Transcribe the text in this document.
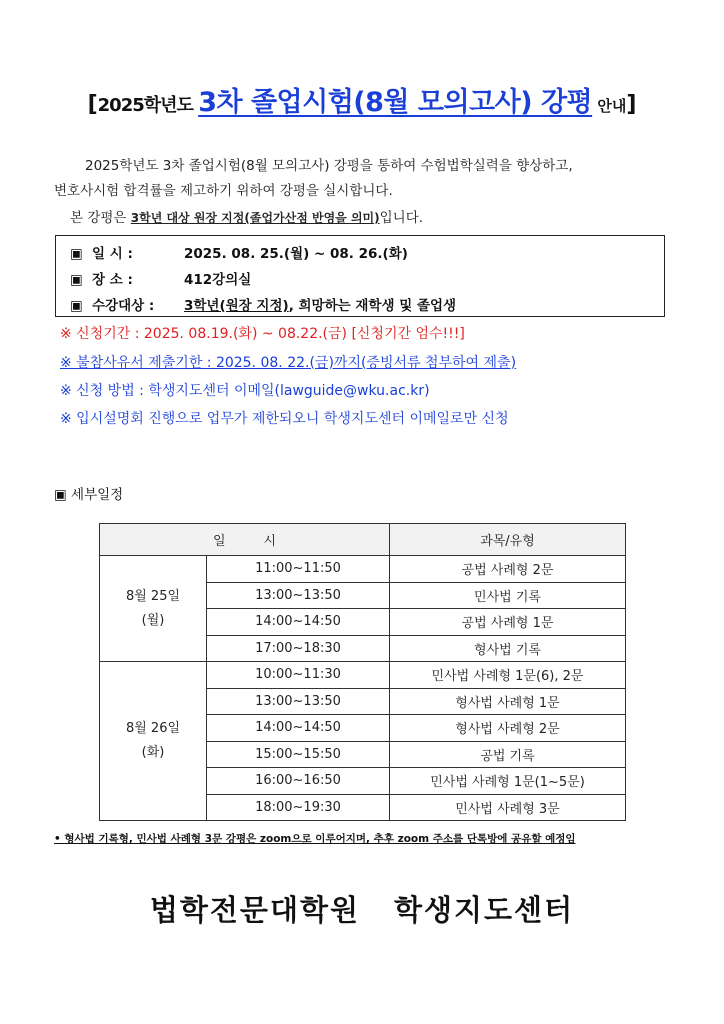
[2025학년도 3차 졸업시험(8월 모의고사) 강평 안내]
2025학년도 3차 졸업시험(8월 모의고사) 강평을 통하여 수험법학실력을 향상하고,
변호사시험 합격률을 제고하기 위하여 강평을 실시합니다.
본 강평은 3학년 대상 원장 지정(졸업가산점 반영을 의미)입니다.
▣ 일 시 :	2025. 08. 25.(월) ~ 08. 26.(화)
▣ 장 소 :	412강의실
▣ 수강대상 : 3학년(원장 지정), 희망하는 재학생 및 졸업생
※ 신청기간 : 2025. 08.19.(화) ~ 08.22.(금) [신청기간 엄수!!!]
※ 불참사유서 제출기한 : 2025. 08. 22.(금)까지(증빙서류 첨부하여 제출)
※ 신청 방법 : 학생지도센터 이메일(lawguide@wku.ac.kr)
※ 입시설명회 진행으로 업무가 제한되오니 학생지도센터 이메일로만 신청
▣ 세부일정
일시		과목/유형
8월 25일
(월)	11:00~11:50	공법 사례형 2문
	13:00~13:50	민사법 기록
	14:00~14:50	공법 사례형 1문
	17:00~18:30	형사법 기록
8월 26일
(화)	10:00~11:30	민사법 사례형 1문(6), 2문
	13:00~13:50	형사법 사례형 1문
	14:00~14:50	형사법 사례형 2문
	15:00~15:50	공법 기록
	16:00~16:50	민사법 사례형 1문(1~5문)
	18:00~19:30	민사법 사례형 3문
• 형사법 기록형, 민사법 사례형 3문 강평은 zoom으로 이루어지며, 추후 zoom 주소를 단톡방에 공유할 예정임
법학전문대학원 학생지도센터
